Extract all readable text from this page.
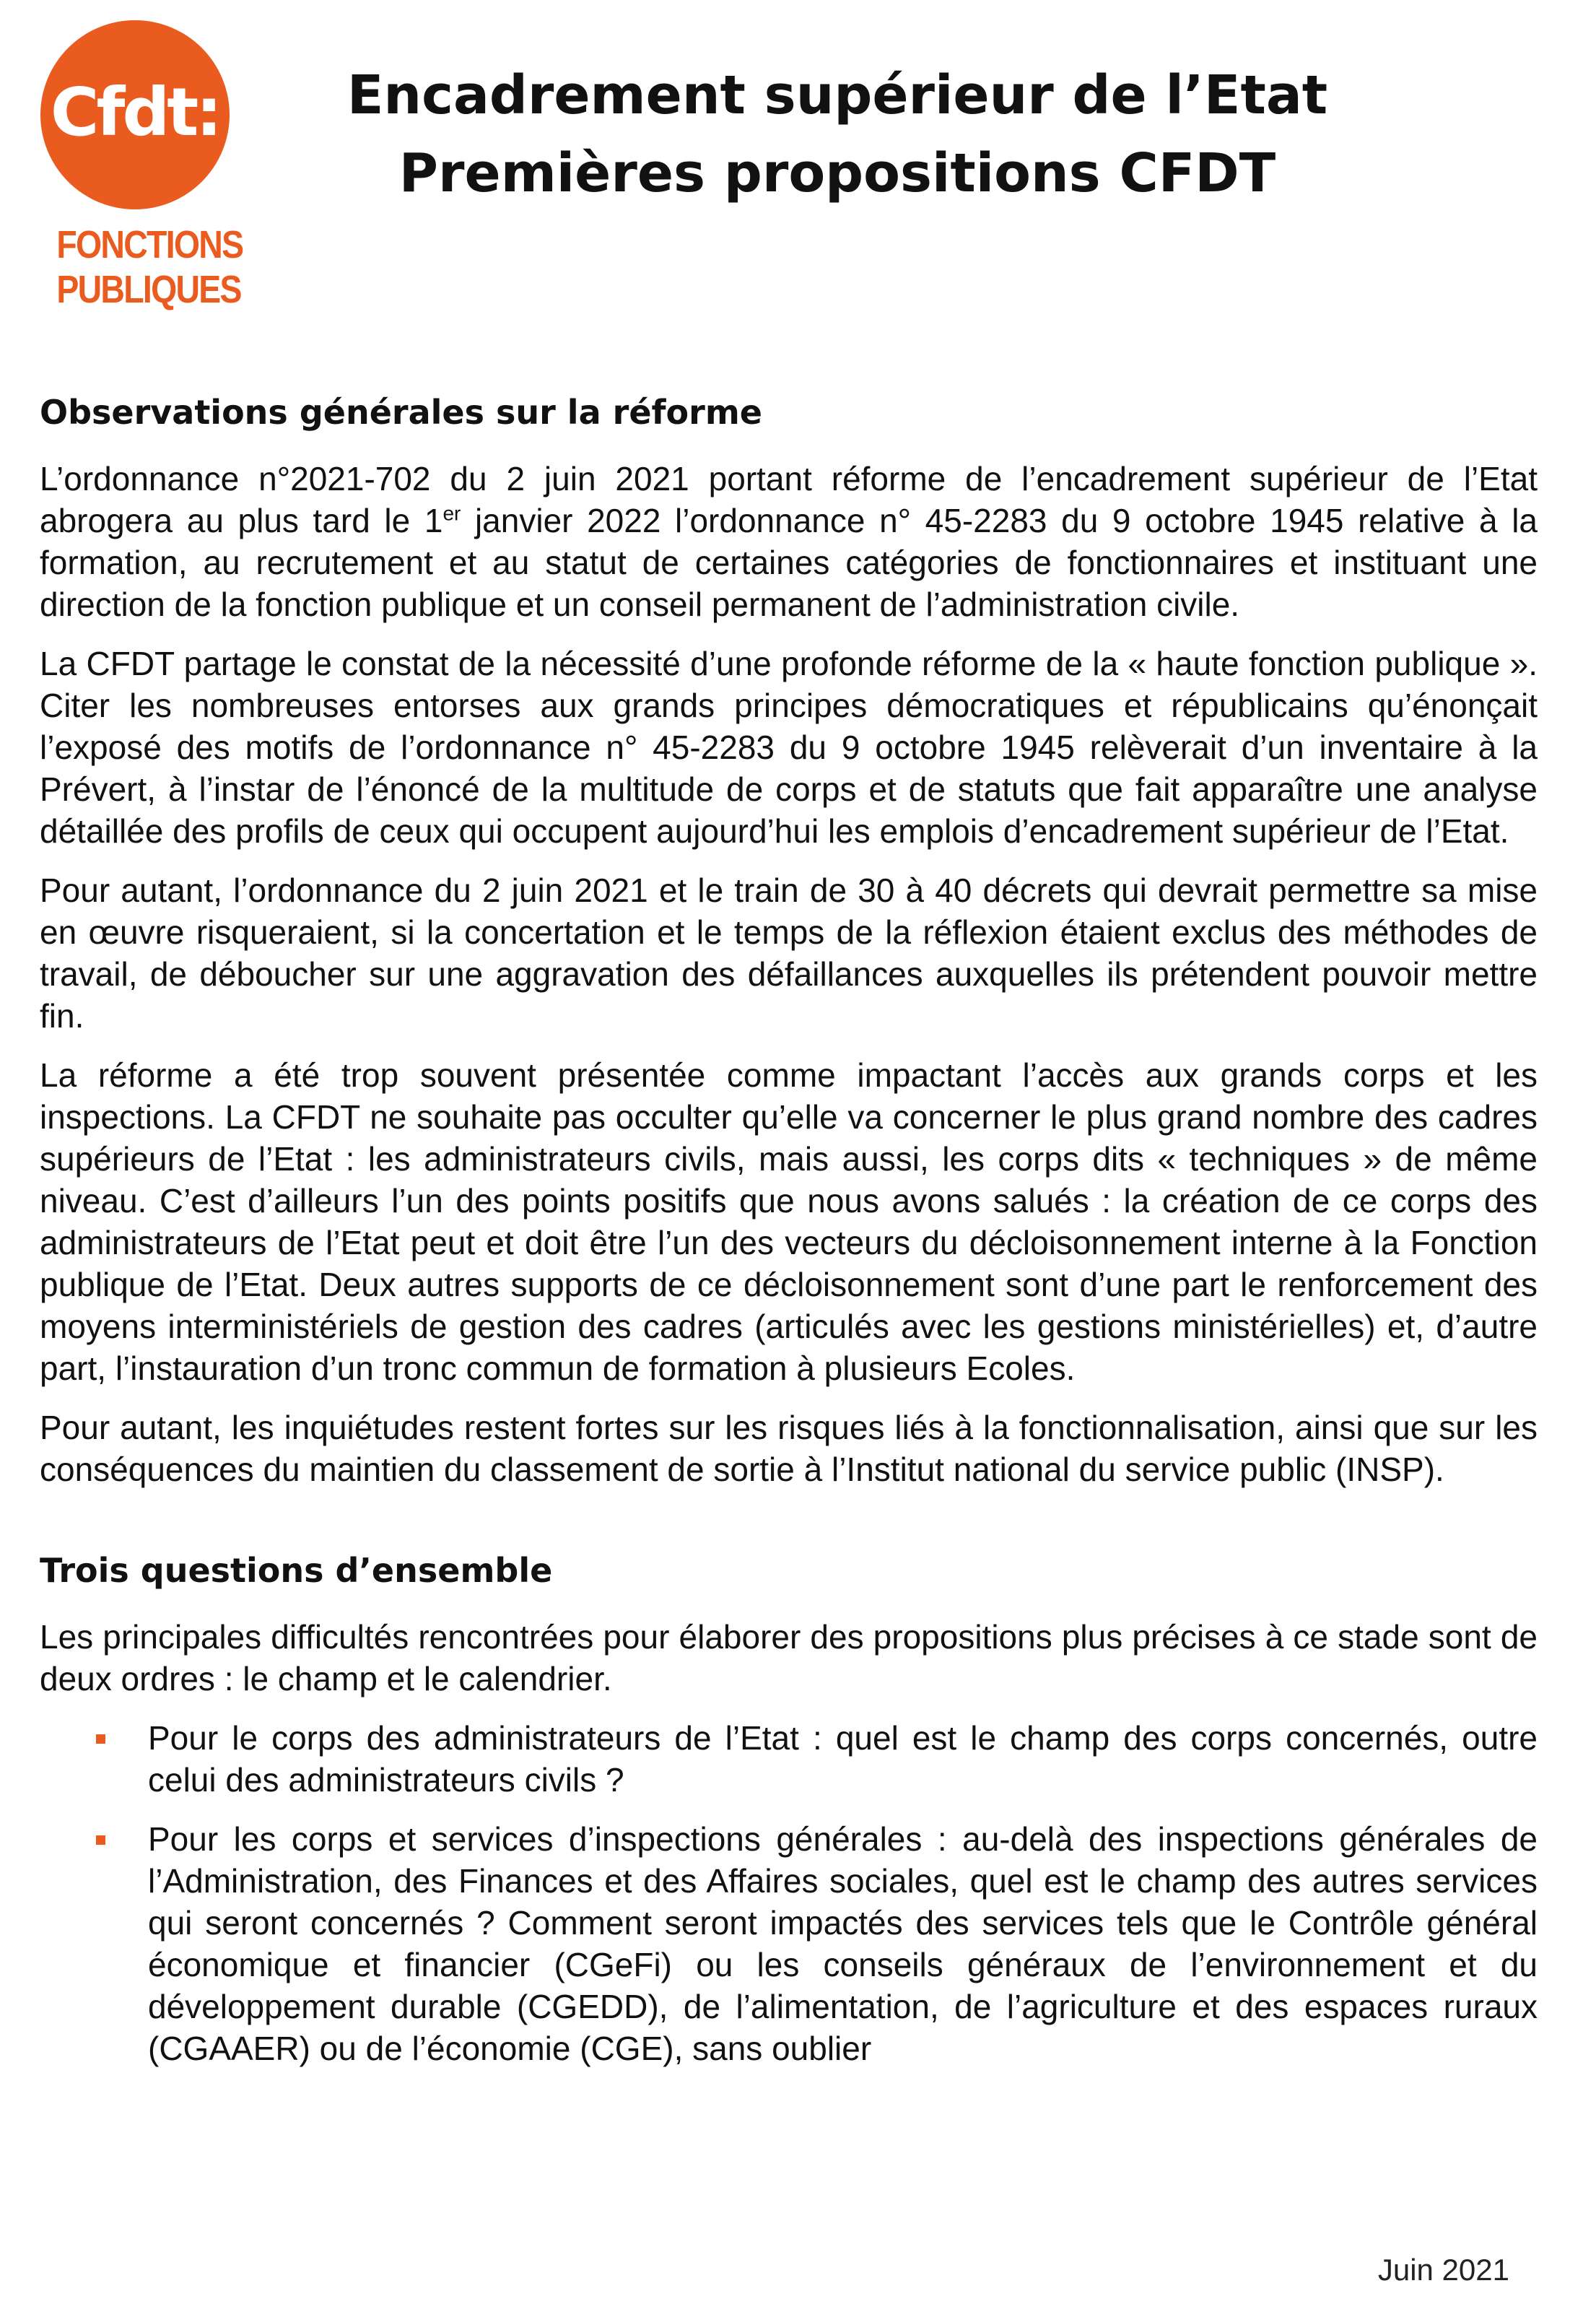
Cfdt:
FONCTIONS
PUBLIQUES
Encadrement supérieur de l’Etat
Premières propositions CFDT
Observations générales sur la réforme

L’ordonnance n°2021-702 du 2 juin 2021 portant réforme de l’encadrement supérieur de l’Etat abrogera au plus tard le 1er janvier 2022 l’ordonnance n° 45-2283 du 9 octobre 1945 relative à la formation, au recrutement et au statut de certaines catégories de fonctionnaires et instituant une direction de la fonction publique et un conseil permanent de l’administration civile.

La CFDT partage le constat de la nécessité d’une profonde réforme de la « haute fonction publique ». Citer les nombreuses entorses aux grands principes démocratiques et républicains qu’énonçait l’exposé des motifs de l’ordonnance n° 45-2283 du 9 octobre 1945 relèverait d’un inventaire à la Prévert, à l’instar de l’énoncé de la multitude de corps et de statuts que fait apparaître une analyse détaillée des profils de ceux qui occupent aujourd’hui les emplois d’encadrement supérieur de l’Etat.

Pour autant, l’ordonnance du 2 juin 2021 et le train de 30 à 40 décrets qui devrait permettre sa mise en œuvre risqueraient, si la concertation et le temps de la réflexion étaient exclus des méthodes de travail, de déboucher sur une aggravation des défaillances auxquelles ils prétendent pouvoir mettre fin.

La réforme a été trop souvent présentée comme impactant l’accès aux grands corps et les inspections. La CFDT ne souhaite pas occulter qu’elle va concerner le plus grand nombre des cadres supérieurs de l’Etat : les administrateurs civils, mais aussi, les corps dits « techniques » de même niveau. C’est d’ailleurs l’un des points positifs que nous avons salués : la création de ce corps des administrateurs de l’Etat peut et doit être l’un des vecteurs du décloisonnement interne à la Fonction publique de l’Etat. Deux autres supports de ce décloisonnement sont d’une part le renforcement des moyens interministériels de gestion des cadres (articulés avec les gestions ministérielles) et, d’autre part, l’instauration d’un tronc commun de formation à plusieurs Ecoles.

Pour autant, les inquiétudes restent fortes sur les risques liés à la fonctionnalisation, ainsi que sur les conséquences du maintien du classement de sortie à l’Institut national du service public (INSP).

Trois questions d’ensemble

Les principales difficultés rencontrées pour élaborer des propositions plus précises à ce stade sont de deux ordres : le champ et le calendrier.

Pour le corps des administrateurs de l’Etat : quel est le champ des corps concernés, outre celui des administrateurs civils ?
Pour les corps et services d’inspections générales : au-delà des inspections générales de l’Administration, des Finances et des Affaires sociales, quel est le champ des autres services qui seront concernés ? Comment seront impactés des services tels que le Contrôle général économique et financier (CGeFi) ou les conseils généraux de l’environnement et du développement durable (CGEDD), de l’alimentation, de l’agriculture et des espaces ruraux (CGAAER) ou de l’économie (CGE), sans oublier
Juin 2021
